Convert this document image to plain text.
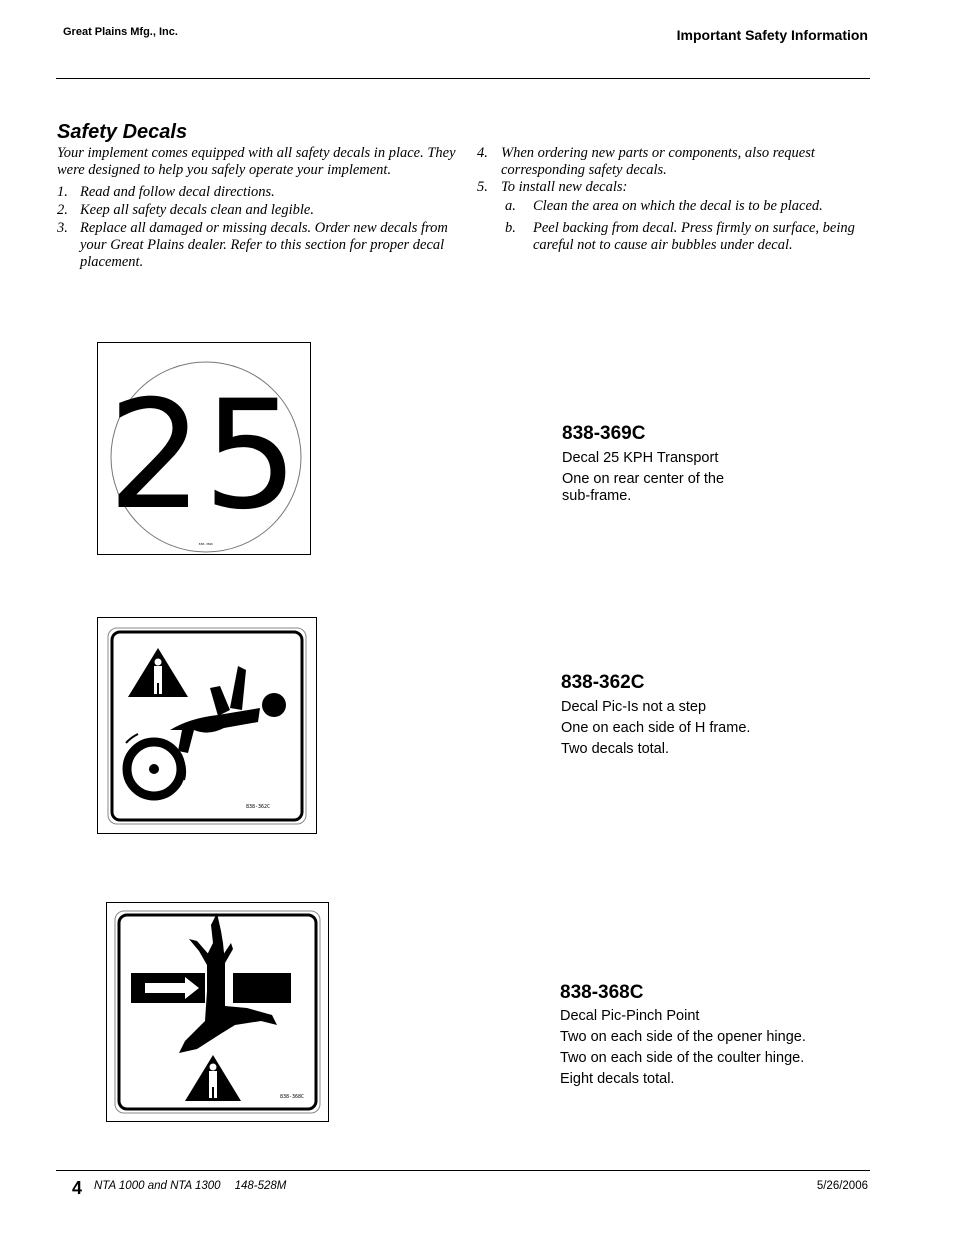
Great Plains Mfg., Inc.	Important Safety Information
Safety Decals
Your implement comes equipped with all safety decals in place. They were designed to help you safely operate your implement.
1. Read and follow decal directions.
2. Keep all safety decals clean and legible.
3. Replace all damaged or missing decals. Order new decals from your Great Plains dealer. Refer to this section for proper decal placement.
4. When ordering new parts or components, also request corresponding safety decals.
5. To install new decals:
a. Clean the area on which the decal is to be placed.
b. Peel backing from decal. Press firmly on surface, being careful not to cause air bubbles under decal.
25
838-369C
838-369C
Decal 25 KPH Transport
One on rear center of the sub-frame.
838-362C
838-362C
Decal Pic-Is not a step
One on each side of H frame.
Two decals total.
838-368C
838-368C
Decal Pic-Pinch Point
Two on each side of the opener hinge.
Two on each side of the coulter hinge.
Eight decals total.
4 NTA 1000 and NTA 1300 148-528M	5/26/2006
